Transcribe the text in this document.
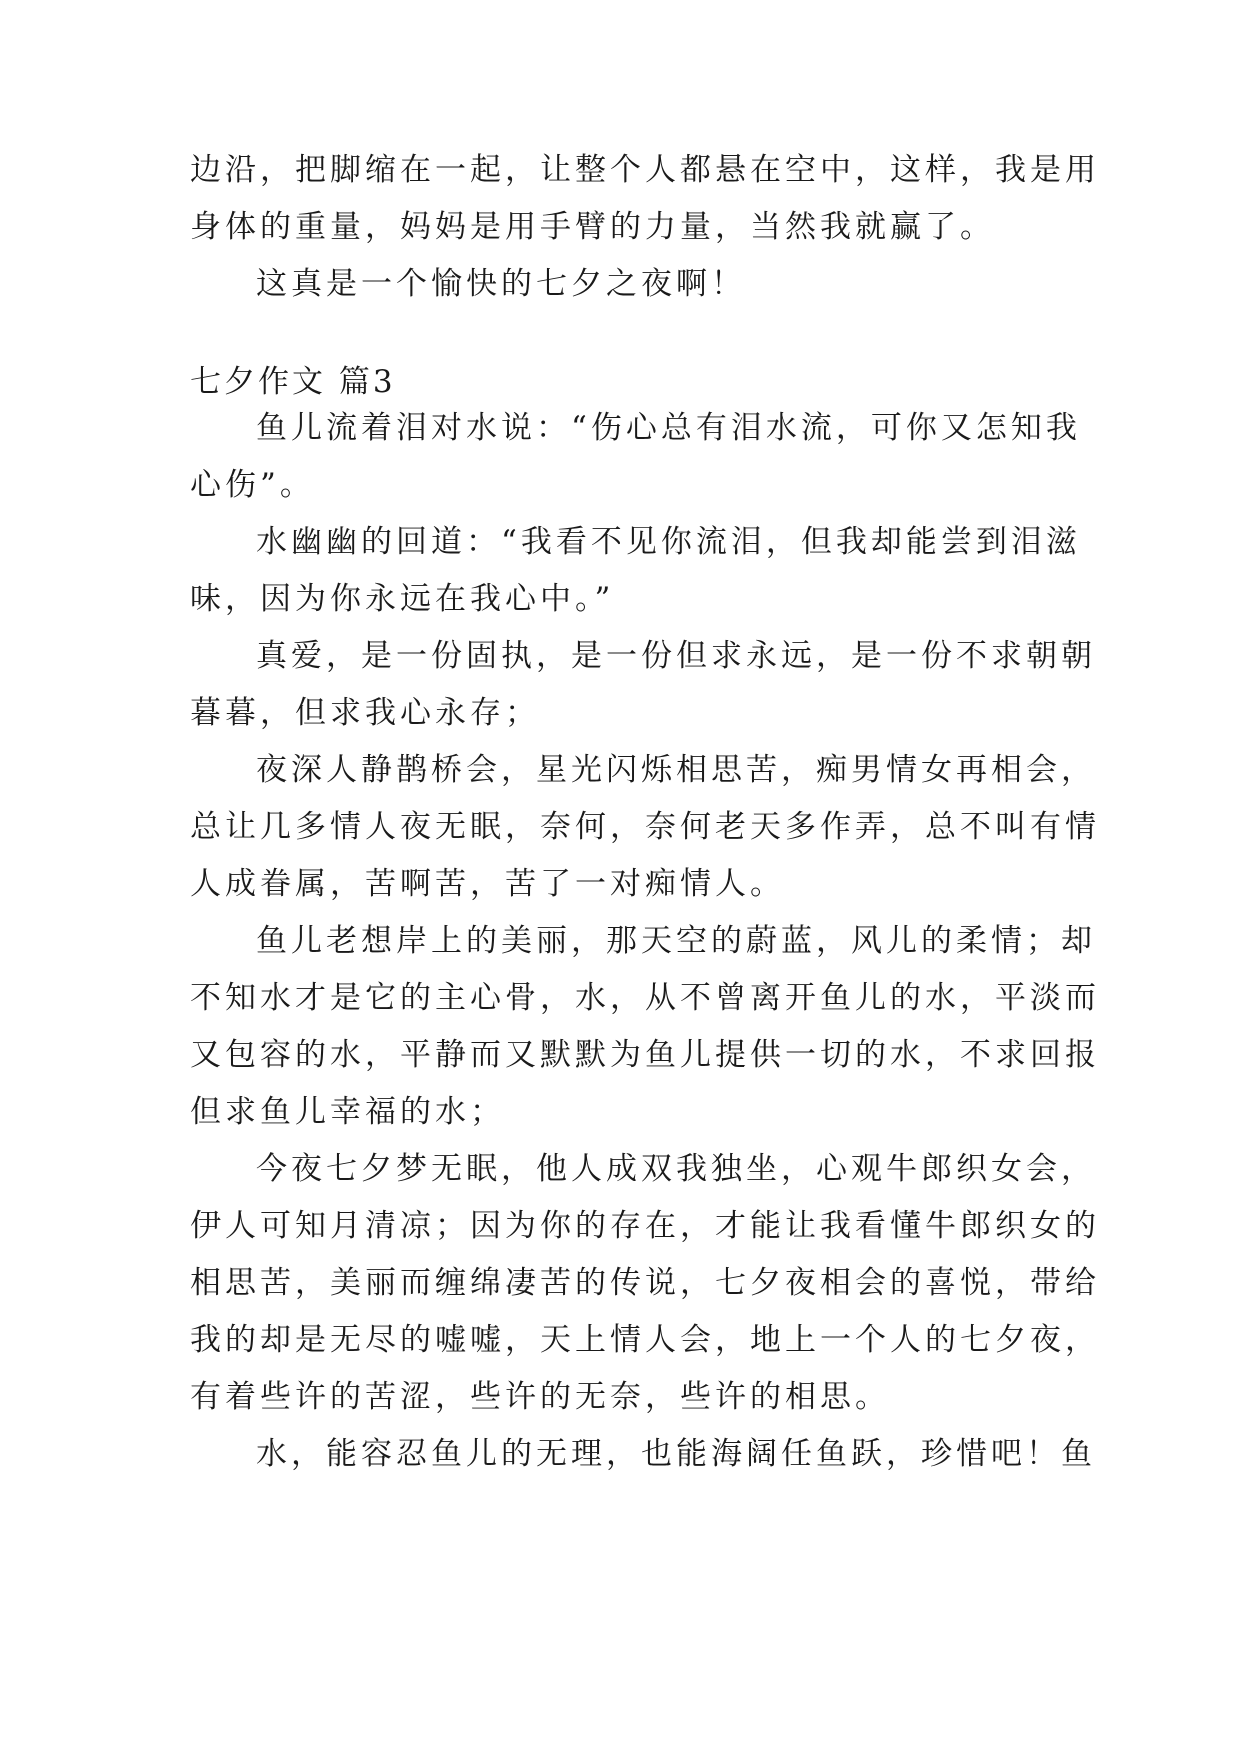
边沿，把脚缩在一起，让整个人都悬在空中，这样，我是用
身体的重量，妈妈是用手臂的力量，当然我就赢了。
这真是一个愉快的七夕之夜啊！
七夕作文 篇3
鱼儿流着泪对水说：“伤心总有泪水流，可你又怎知我
心伤”。
水幽幽的回道：“我看不见你流泪，但我却能尝到泪滋
味，因为你永远在我心中。”
真爱，是一份固执，是一份但求永远，是一份不求朝朝
暮暮，但求我心永存；
夜深人静鹊桥会，星光闪烁相思苦，痴男情女再相会，
总让几多情人夜无眠，奈何，奈何老天多作弄，总不叫有情
人成眷属，苦啊苦，苦了一对痴情人。
鱼儿老想岸上的美丽，那天空的蔚蓝，风儿的柔情；却
不知水才是它的主心骨，水，从不曾离开鱼儿的水，平淡而
又包容的水，平静而又默默为鱼儿提供一切的水，不求回报
但求鱼儿幸福的水；
今夜七夕梦无眠，他人成双我独坐，心观牛郎织女会，
伊人可知月清凉；因为你的存在，才能让我看懂牛郎织女的
相思苦，美丽而缠绵凄苦的传说，七夕夜相会的喜悦，带给
我的却是无尽的嘘嘘，天上情人会，地上一个人的七夕夜，
有着些许的苦涩，些许的无奈，些许的相思。
水，能容忍鱼儿的无理，也能海阔任鱼跃，珍惜吧！鱼
